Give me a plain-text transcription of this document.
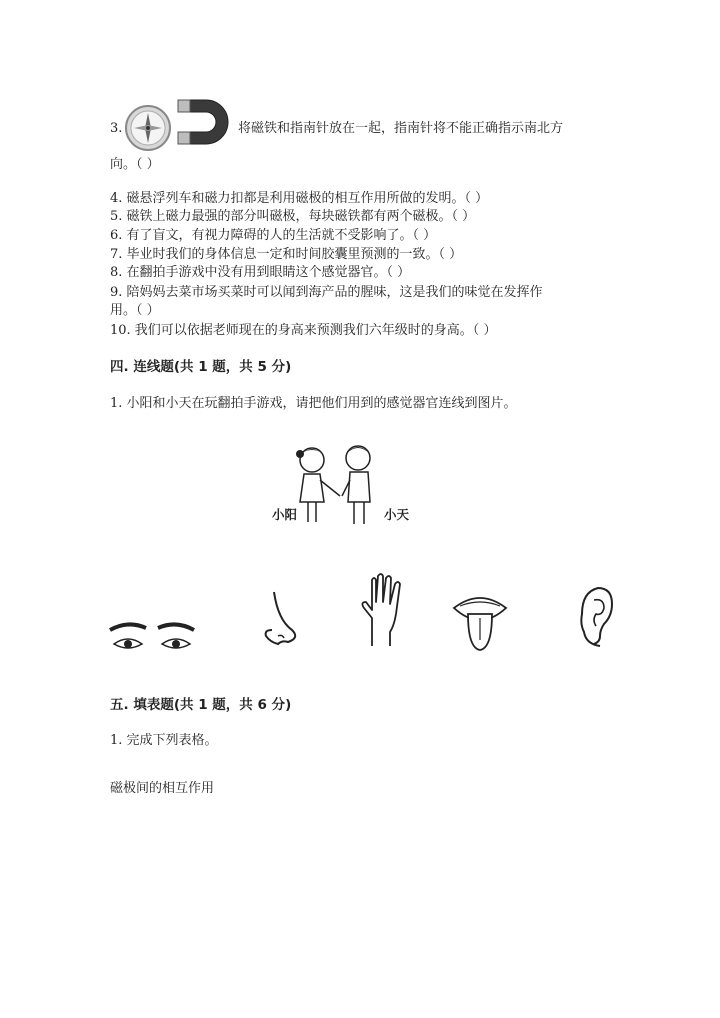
3.	将磁铁和指南针放在一起，指南针将不能正确指示南北方
向。（ ）
4. 磁悬浮列车和磁力扣都是利用磁极的相互作用所做的发明。（ ）
5. 磁铁上磁力最强的部分叫磁极，每块磁铁都有两个磁极。（ ）
6. 有了盲文，有视力障碍的人的生活就不受影响了。（ ）
7. 毕业时我们的身体信息一定和时间胶囊里预测的一致。（ ）
8. 在翻拍手游戏中没有用到眼睛这个感觉器官。（ ）
9. 陪妈妈去菜市场买菜时可以闻到海产品的腥味，这是我们的味觉在发挥作
用。（ ）
10. 我们可以依据老师现在的身高来预测我们六年级时的身高。（ ）
四. 连线题(共 1 题，共 5 分)
1. 小阳和小天在玩翻拍手游戏，请把他们用到的感觉器官连线到图片。
小阳	小天
五. 填表题(共 1 题，共 6 分)
1. 完成下列表格。
磁极间的相互作用
